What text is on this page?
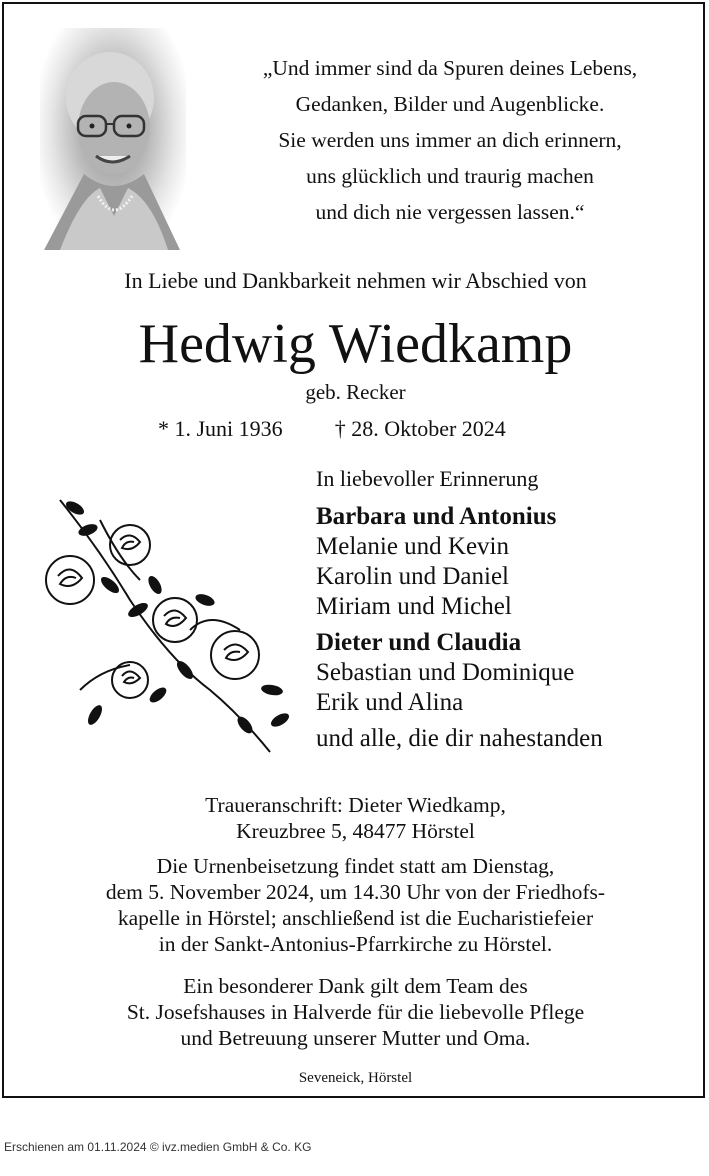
„Und immer sind da Spuren deines Lebens,
Gedanken, Bilder und Augenblicke.
Sie werden uns immer an dich erinnern,
uns glücklich und traurig machen
und dich nie vergessen lassen.“
In Liebe und Dankbarkeit nehmen wir Abschied von
Hedwig Wiedkamp
geb. Recker
* 1. Juni 1936 † 28. Oktober 2024
In liebevoller Erinnerung
Barbara und Antonius
Melanie und Kevin
Karolin und Daniel
Miriam und Michel
Dieter und Claudia
Sebastian und Dominique
Erik und Alina
und alle, die dir nahestanden
Traueranschrift: Dieter Wiedkamp,
Kreuzbree 5, 48477 Hörstel
Die Urnenbeisetzung findet statt am Dienstag,
dem 5. November 2024, um 14.30 Uhr von der Friedhofs-
kapelle in Hörstel; anschließend ist die Eucharistiefeier
in der Sankt-Antonius-Pfarrkirche zu Hörstel.
Ein besonderer Dank gilt dem Team des
St. Josefshauses in Halverde für die liebevolle Pflege
und Betreuung unserer Mutter und Oma.
Seveneick, Hörstel
Erschienen am 01.11.2024 © ivz.medien GmbH & Co. KG
